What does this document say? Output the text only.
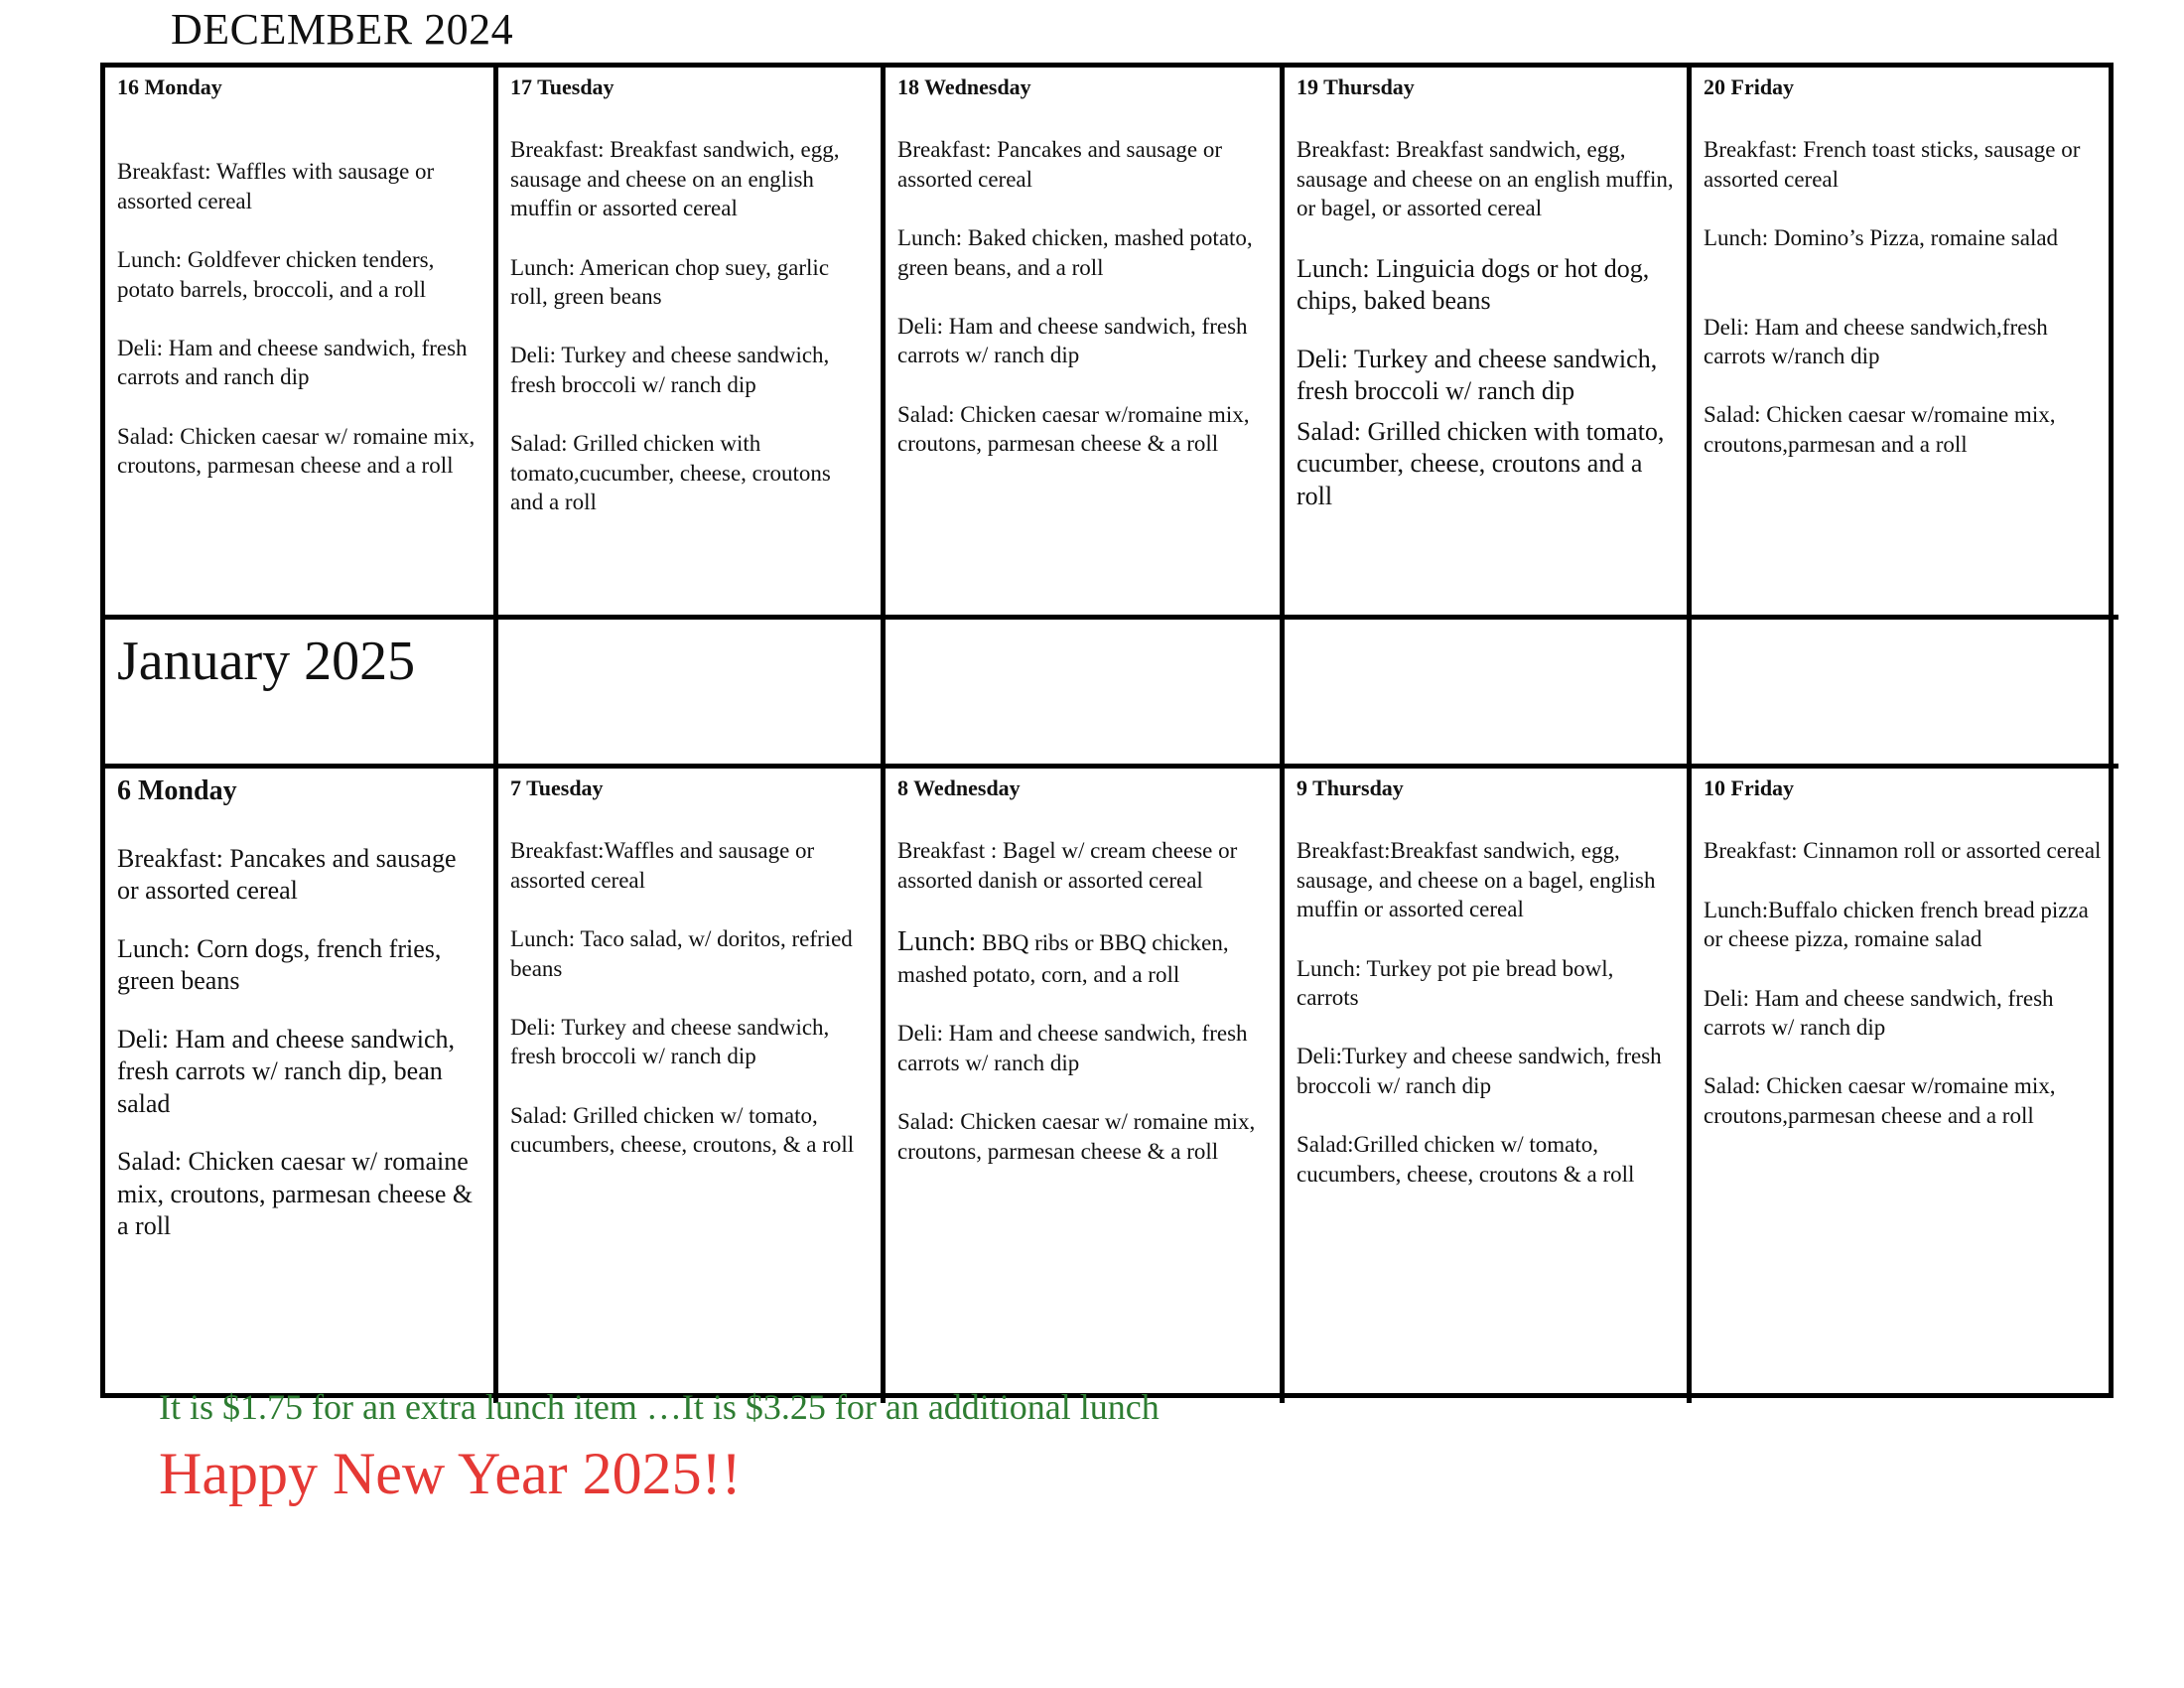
DECEMBER 2024
16 Monday

Breakfast: Waffles with sausage or assorted cereal

Lunch: Goldfever chicken tenders, potato barrels, broccoli, and a roll

Deli: Ham and cheese sandwich, fresh carrots and ranch dip

Salad: Chicken caesar w/ romaine mix, croutons, parmesan cheese and a roll

17 Tuesday

Breakfast: Breakfast sandwich, egg, sausage and cheese on an english muffin or assorted cereal

Lunch: American chop suey, garlic roll, green beans

Deli: Turkey and cheese sandwich, fresh broccoli w/ ranch dip

Salad: Grilled chicken with tomato,cucumber, cheese, croutons and a roll

18 Wednesday

Breakfast: Pancakes and sausage or assorted cereal

Lunch: Baked chicken, mashed potato, green beans, and a roll

Deli: Ham and cheese sandwich, fresh carrots w/ ranch dip

Salad: Chicken caesar w/romaine mix, croutons, parmesan cheese & a roll

19 Thursday

Breakfast: Breakfast sandwich, egg, sausage and cheese on an english muffin, or bagel, or assorted cereal

Lunch: Linguicia dogs or hot dog, chips, baked beans

Deli: Turkey and cheese sandwich, fresh broccoli w/ ranch dip

Salad: Grilled chicken with tomato, cucumber, cheese, croutons and a roll

20 Friday

Breakfast: French toast sticks, sausage or assorted cereal

Lunch: Domino’s Pizza, romaine salad

Deli: Ham and cheese sandwich,fresh carrots w/ranch dip

Salad: Chicken caesar w/romaine mix, croutons,parmesan and a roll

January 2025
6 Monday

Breakfast: Pancakes and sausage or assorted cereal

Lunch: Corn dogs, french fries, green beans

Deli: Ham and cheese sandwich, fresh carrots w/ ranch dip, bean salad

Salad: Chicken caesar w/ romaine mix, croutons, parmesan cheese & a roll

7 Tuesday

Breakfast:Waffles and sausage or assorted cereal

Lunch: Taco salad, w/ doritos, refried beans

Deli: Turkey and cheese sandwich, fresh broccoli w/ ranch dip

Salad: Grilled chicken w/ tomato, cucumbers, cheese, croutons, & a roll

8 Wednesday

Breakfast : Bagel w/ cream cheese or assorted danish or assorted cereal

Lunch: BBQ ribs or BBQ chicken, mashed potato, corn, and a roll

Deli: Ham and cheese sandwich, fresh carrots w/ ranch dip

Salad: Chicken caesar w/ romaine mix, croutons, parmesan cheese & a roll

9 Thursday

Breakfast:Breakfast sandwich, egg, sausage, and cheese on a bagel, english muffin or assorted cereal

Lunch: Turkey pot pie bread bowl, carrots

Deli:Turkey and cheese sandwich, fresh broccoli w/ ranch dip

Salad:Grilled chicken w/ tomato, cucumbers, cheese, croutons & a roll

10 Friday

Breakfast: Cinnamon roll or assorted cereal

Lunch:Buffalo chicken french bread pizza or cheese pizza, romaine salad

Deli: Ham and cheese sandwich, fresh carrots w/ ranch dip

Salad: Chicken caesar w/romaine mix, croutons,parmesan cheese and a roll

It is $1.75 for an extra lunch item …It is $3.25 for an additional lunch
Happy New Year 2025!!
